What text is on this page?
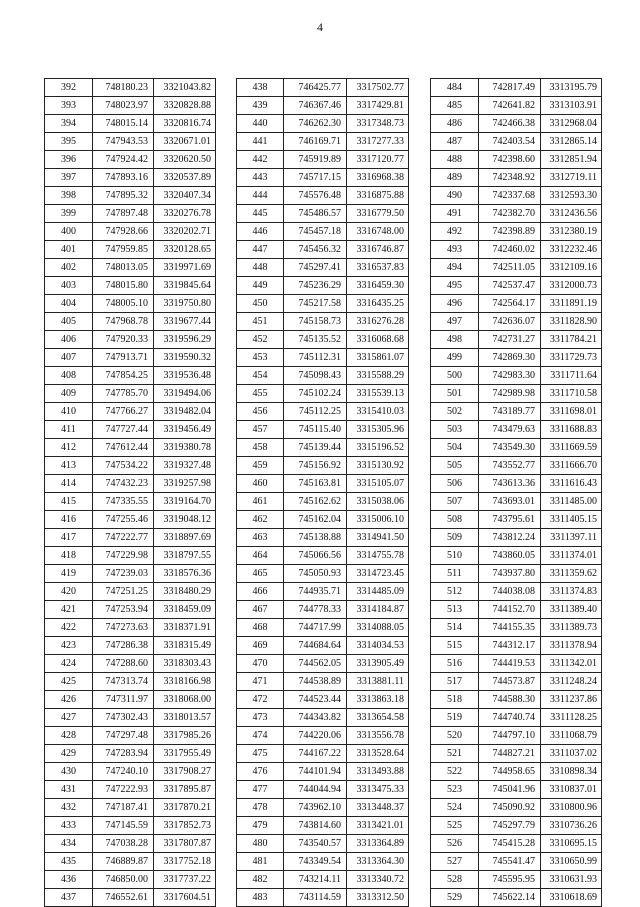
4
392	748180.23	3321043.82
393	748023.97	3320828.88
394	748015.14	3320816.74
395	747943.53	3320671.01
396	747924.42	3320620.50
397	747893.16	3320537.89
398	747895.32	3320407.34
399	747897.48	3320276.78
400	747928.66	3320202.71
401	747959.85	3320128.65
402	748013.05	3319971.69
403	748015.80	3319845.64
404	748005.10	3319750.80
405	747968.78	3319677.44
406	747920.33	3319596.29
407	747913.71	3319590.32
408	747854.25	3319536.48
409	747785.70	3319494.06
410	747766.27	3319482.04
411	747727.44	3319456.49
412	747612.44	3319380.78
413	747534.22	3319327.48
414	747432.23	3319257.98
415	747335.55	3319164.70
416	747255.46	3319048.12
417	747222.77	3318897.69
418	747229.98	3318797.55
419	747239.03	3318576.36
420	747251.25	3318480.29
421	747253.94	3318459.09
422	747273.63	3318371.91
423	747286.38	3318315.49
424	747288.60	3318303.43
425	747313.74	3318166.98
426	747311.97	3318068.00
427	747302.43	3318013.57
428	747297.48	3317985.26
429	747283.94	3317955.49
430	747240.10	3317908.27
431	747222.93	3317895.87
432	747187.41	3317870.21
433	747145.59	3317852.73
434	747038.28	3317807.87
435	746889.87	3317752.18
436	746850.00	3317737.22
437	746552.61	3317604.51
438	746425.77	3317502.77
439	746367.46	3317429.81
440	746262.30	3317348.73
441	746169.71	3317277.33
442	745919.89	3317120.77
443	745717.15	3316968.38
444	745576.48	3316875.88
445	745486.57	3316779.50
446	745457.18	3316748.00
447	745456.32	3316746.87
448	745297.41	3316537.83
449	745236.29	3316459.30
450	745217.58	3316435.25
451	745158.73	3316276.28
452	745135.52	3316068.68
453	745112.31	3315861.07
454	745098.43	3315588.29
455	745102.24	3315539.13
456	745112.25	3315410.03
457	745115.40	3315305.96
458	745139.44	3315196.52
459	745156.92	3315130.92
460	745163.81	3315105.07
461	745162.62	3315038.06
462	745162.04	3315006.10
463	745138.88	3314941.50
464	745066.56	3314755.78
465	745050.93	3314723.45
466	744935.71	3314485.09
467	744778.33	3314184.87
468	744717.99	3314088.05
469	744684.64	3314034.53
470	744562.05	3313905.49
471	744538.89	3313881.11
472	744523.44	3313863.18
473	744343.82	3313654.58
474	744220.06	3313556.78
475	744167.22	3313528.64
476	744101.94	3313493.88
477	744044.94	3313475.33
478	743962.10	3313448.37
479	743814.60	3313421.01
480	743540.57	3313364.89
481	743349.54	3313364.30
482	743214.11	3313340.72
483	743114.59	3313312.50
484	742817.49	3313195.79
485	742641.82	3313103.91
486	742466.38	3312968.04
487	742403.54	3312865.14
488	742398.60	3312851.94
489	742348.92	3312719.11
490	742337.68	3312593.30
491	742382.70	3312436.56
492	742398.89	3312380.19
493	742460.02	3312232.46
494	742511.05	3312109.16
495	742537.47	3312000.73
496	742564.17	3311891.19
497	742636.07	3311828.90
498	742731.27	3311784.21
499	742869.30	3311729.73
500	742983.30	3311711.64
501	742989.98	3311710.58
502	743189.77	3311698.01
503	743479.63	3311688.83
504	743549.30	3311669.59
505	743552.77	3311666.70
506	743613.36	3311616.43
507	743693.01	3311485.00
508	743795.61	3311405.15
509	743812.24	3311397.11
510	743860.05	3311374.01
511	743937.80	3311359.62
512	744038.08	3311374.83
513	744152.70	3311389.40
514	744155.35	3311389.73
515	744312.17	3311378.94
516	744419.53	3311342.01
517	744573.87	3311248.24
518	744588.30	3311237.86
519	744740.74	3311128.25
520	744797.10	3311068.79
521	744827.21	3311037.02
522	744958.65	3310898.34
523	745041.96	3310837.01
524	745090.92	3310800.96
525	745297.79	3310736.26
526	745415.28	3310695.15
527	745541.47	3310650.99
528	745595.95	3310631.93
529	745622.14	3310618.69
